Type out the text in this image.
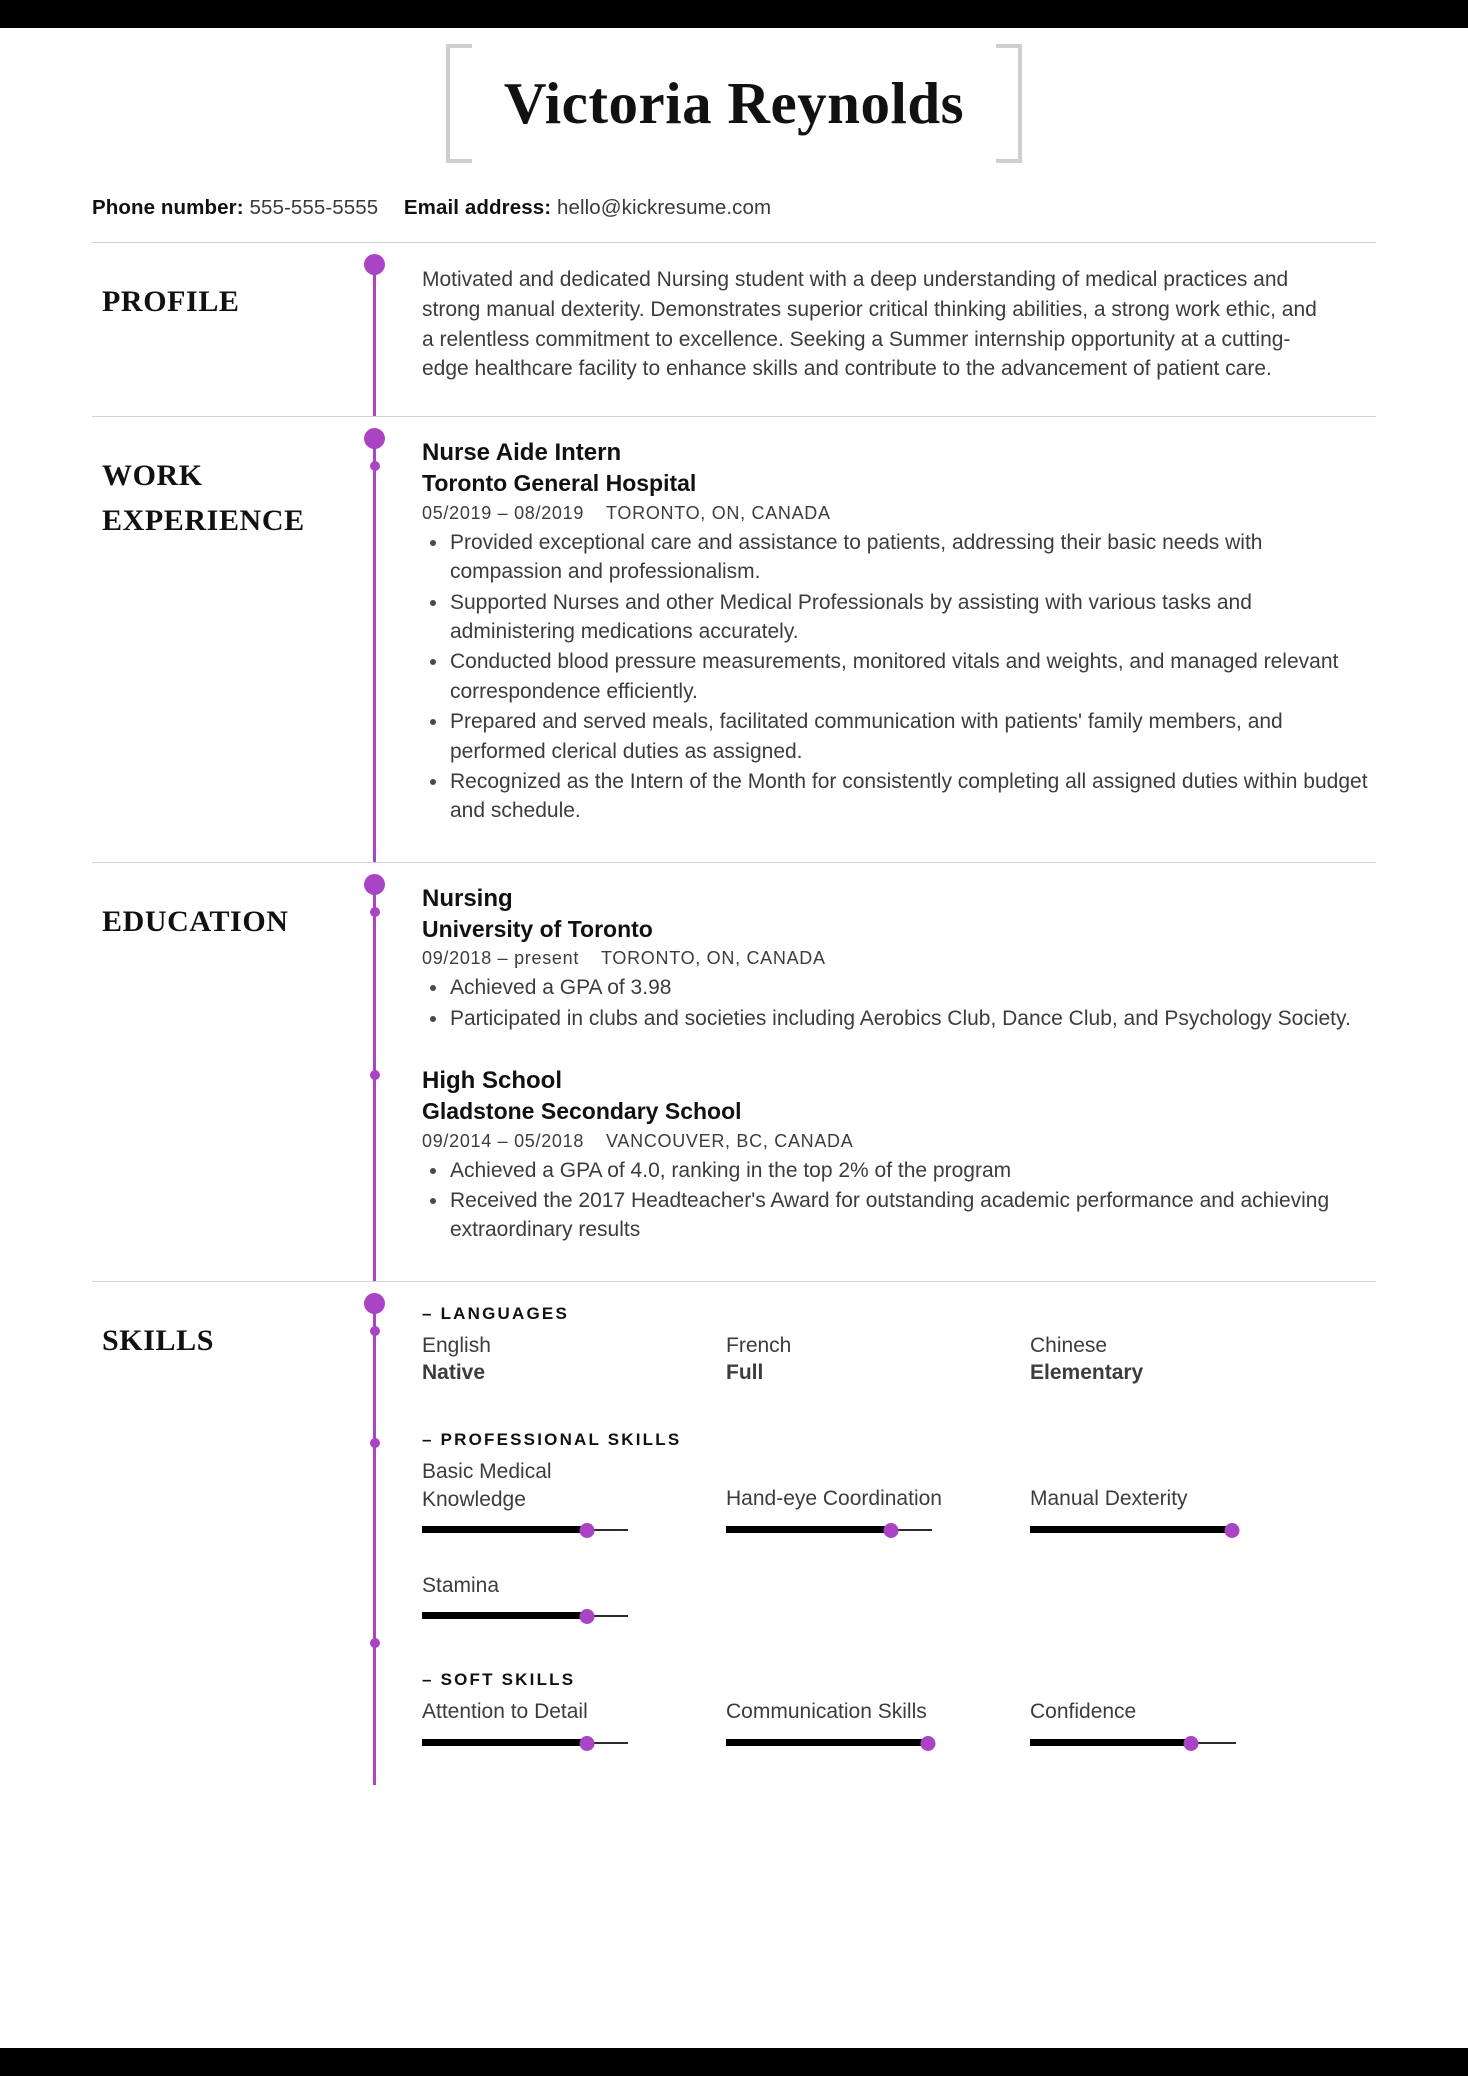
Victoria Reynolds
Phone number: 555-555-5555 Email address: hello@kickresume.com
PROFILE
Motivated and dedicated Nursing student with a deep understanding of medical practices and strong manual dexterity. Demonstrates superior critical thinking abilities, a strong work ethic, and a relentless commitment to excellence. Seeking a Summer internship opportunity at a cutting-edge healthcare facility to enhance skills and contribute to the advancement of patient care.
WORK
EXPERIENCE
Nurse Aide Intern
Toronto General Hospital
05/2019 – 08/2019 TORONTO, ON, CANADA
Provided exceptional care and assistance to patients, addressing their basic needs with compassion and professionalism.
Supported Nurses and other Medical Professionals by assisting with various tasks and administering medications accurately.
Conducted blood pressure measurements, monitored vitals and weights, and managed relevant correspondence efficiently.
Prepared and served meals, facilitated communication with patients' family members, and performed clerical duties as assigned.
Recognized as the Intern of the Month for consistently completing all assigned duties within budget and schedule.
EDUCATION
Nursing
University of Toronto
09/2018 – present TORONTO, ON, CANADA
Achieved a GPA of 3.98
Participated in clubs and societies including Aerobics Club, Dance Club, and Psychology Society.
High School
Gladstone Secondary School
09/2014 – 05/2018 VANCOUVER, BC, CANADA
Achieved a GPA of 4.0, ranking in the top 2% of the program
Received the 2017 Headteacher's Award for outstanding academic performance and achieving extraordinary results
SKILLS
– LANGUAGES
English
Native
French
Full
Chinese
Elementary
– PROFESSIONAL SKILLS
Basic Medical Knowledge	Hand-eye Coordination	Manual Dexterity
Stamina
– SOFT SKILLS
Attention to Detail	Communication Skills	Confidence
